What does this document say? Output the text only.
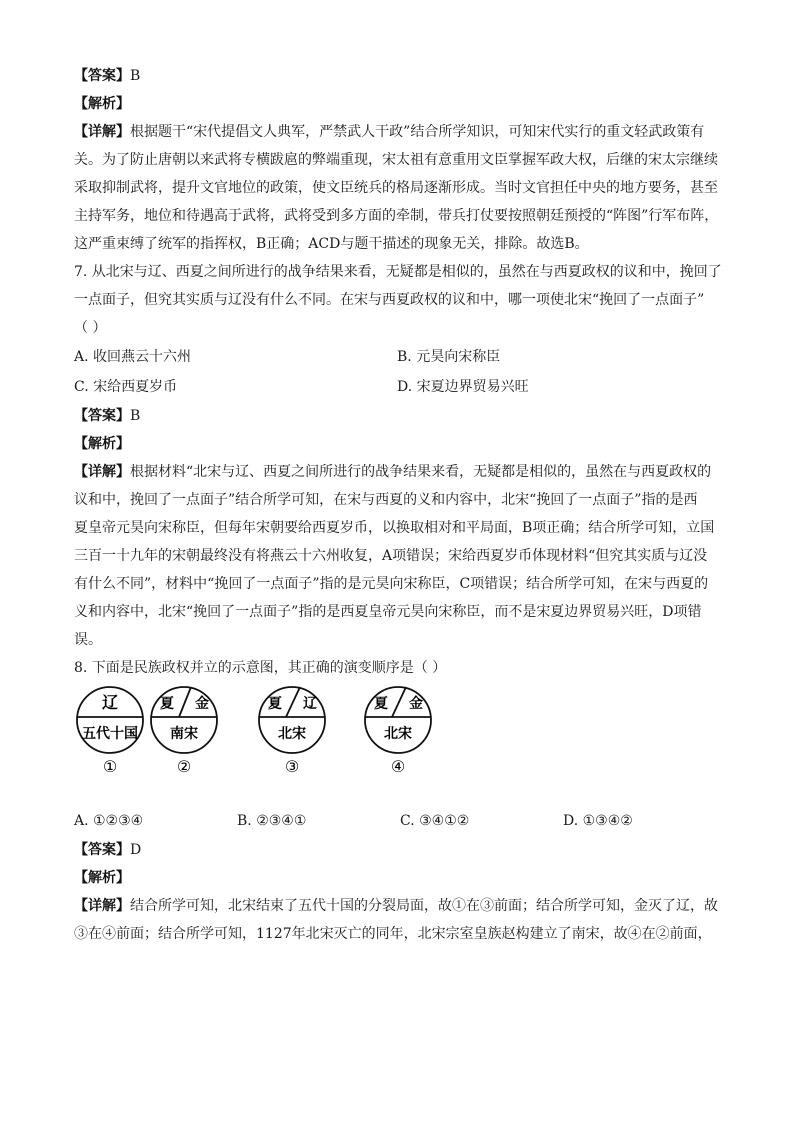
【答案】B

【解析】

【详解】根据题干“宋代提倡文人典军，严禁武人干政”结合所学知识，可知宋代实行的重文轻武政策有

关。为了防止唐朝以来武将专横跋扈的弊端重现，宋太祖有意重用文臣掌握军政大权，后继的宋太宗继续

采取抑制武将，提升文官地位的政策，使文臣统兵的格局逐渐形成。当时文官担任中央的地方要务，甚至

主持军务，地位和待遇高于武将，武将受到多方面的牵制，带兵打仗要按照朝廷预授的“阵图”行军布阵，

这严重束缚了统军的指挥权，B正确；ACD与题干描述的现象无关，排除。故选B。

7. 从北宋与辽、西夏之间所进行的战争结果来看，无疑都是相似的，虽然在与西夏政权的议和中，挽回了

一点面子，但究其实质与辽没有什么不同。在宋与西夏政权的议和中，哪一项使北宋“挽回了一点面子”

（ ）

A. 收回燕云十六州	B. 元昊向宋称臣
C. 宋给西夏岁币	D. 宋夏边界贸易兴旺

【答案】B

【解析】

【详解】根据材料“北宋与辽、西夏之间所进行的战争结果来看，无疑都是相似的，虽然在与西夏政权的

议和中，挽回了一点面子”结合所学可知，在宋与西夏的义和内容中，北宋“挽回了一点面子”指的是西

夏皇帝元昊向宋称臣，但每年宋朝要给西夏岁币，以换取相对和平局面，B项正确；结合所学可知，立国

三百一十九年的宋朝最终没有将燕云十六州收复，A项错误；宋给西夏岁币体现材料“但究其实质与辽没

有什么不同”，材料中“挽回了一点面子”指的是元昊向宋称臣，C项错误；结合所学可知，在宋与西夏的

义和内容中，北宋“挽回了一点面子”指的是西夏皇帝元昊向宋称臣，而不是宋夏边界贸易兴旺，D项错

误。

8. 下面是民族政权并立的示意图，其正确的演变顺序是（ ）

辽
五代十国
①
夏 金
南宋
②
夏 辽
北宋
③
夏 金
北宋
④
A. ①②③④	B. ②③④①	C. ③④①②	D. ①③④②

【答案】D

【解析】

【详解】结合所学可知，北宋结束了五代十国的分裂局面，故①在③前面；结合所学可知，金灭了辽，故

③在④前面；结合所学可知，1127年北宋灭亡的同年，北宋宗室皇族赵构建立了南宋，故④在②前面，
